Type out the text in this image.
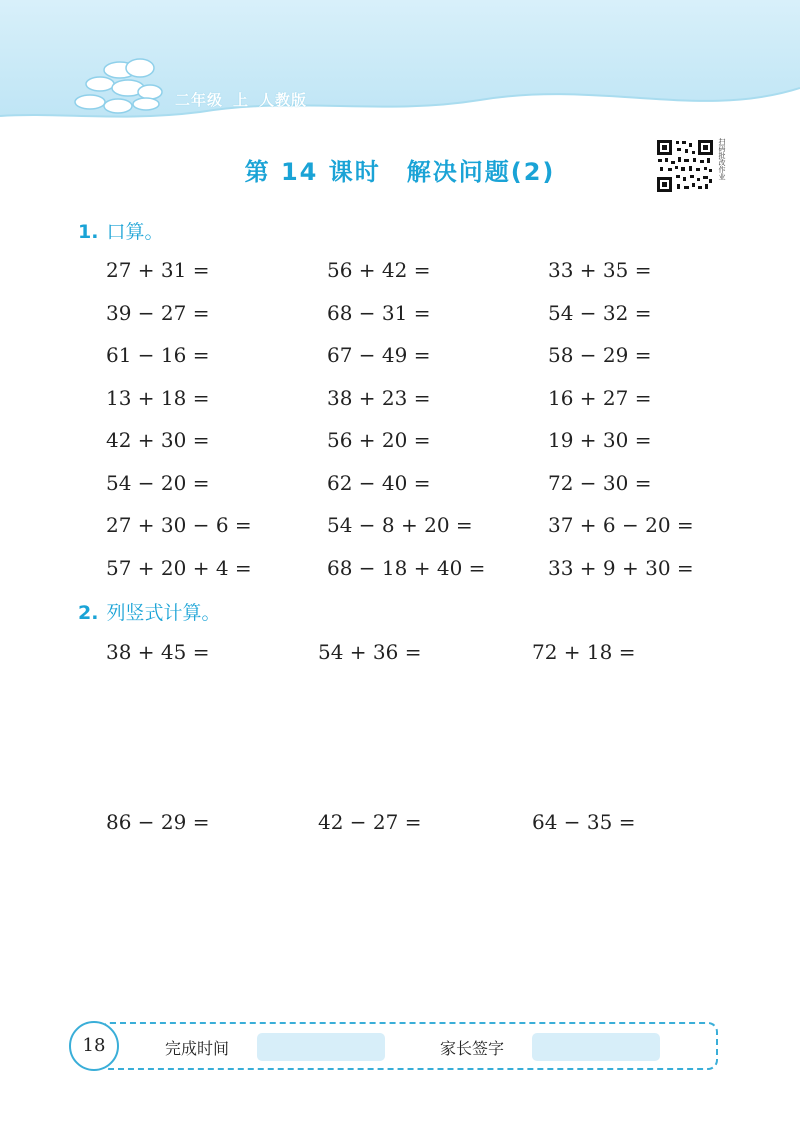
二年级 上 人教版
第 14 课时 解决问题(2)	扫码批改作业
1. 口算。
27 + 31 =	56 + 42 =	33 + 35 =
39 − 27 =	68 − 31 =	54 − 32 =
61 − 16 =	67 − 49 =	58 − 29 =
13 + 18 =	38 + 23 =	16 + 27 =
42 + 30 =	56 + 20 =	19 + 30 =
54 − 20 =	62 − 40 =	72 − 30 =
27 + 30 − 6 =	54 − 8 + 20 =	37 + 6 − 20 =
57 + 20 + 4 =	68 − 18 + 40 =	33 + 9 + 30 =
2. 列竖式计算。
38 + 45 =	54 + 36 =	72 + 18 =
86 − 29 =	42 − 27 =	64 − 35 =
18	完成时间	家长签字
